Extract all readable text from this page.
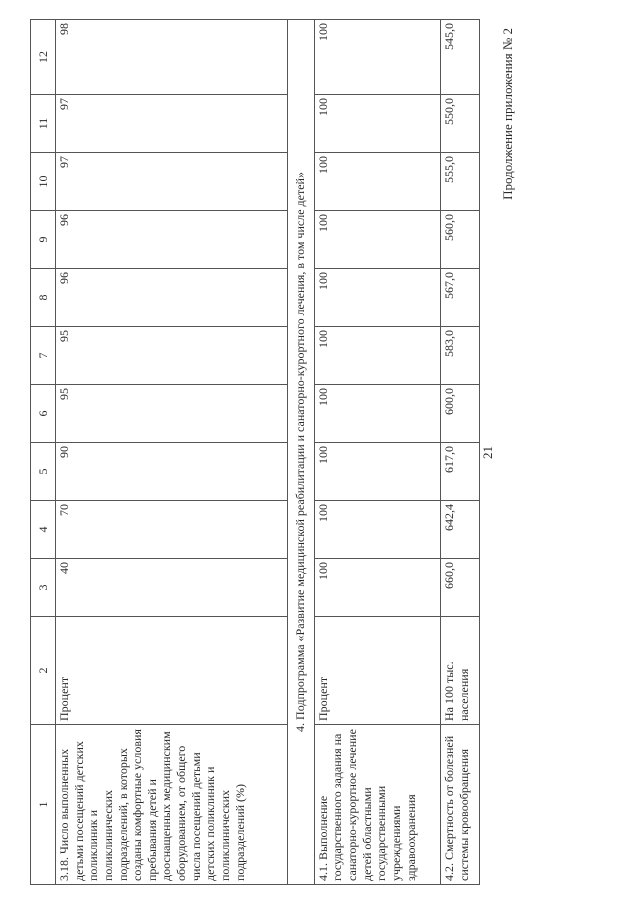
21
Продолжение приложения № 2
1	2	3	4	5	6	7	8	9	10	11	12
3.18. Число выполненных детьми посещений детских поликлиник и поликлинических подразделений, в которых созданы комфортные условия пребывания детей и дооснащенных медицинским оборудованием, от общего числа посещений детьми детских поликлиник и поликлинических подразделений (%)	Процент	40	70	90	95	95	96	96	97	97	98
4. Подпрограмма «Развитие медицинской реабилитации и санаторно-курортного лечения, в том числе детей»											
4.1. Выполнение государственного задания на санаторно-курортное лечение детей областными государственными учреждениями здравоохранения	Процент	100	100	100	100	100	100	100	100	100	100
4.2. Смертность от болезней системы кровообращения	На 100 тыс. населения	660,0	642,4	617,0	600,0	583,0	567,0	560,0	555,0	550,0	545,0
